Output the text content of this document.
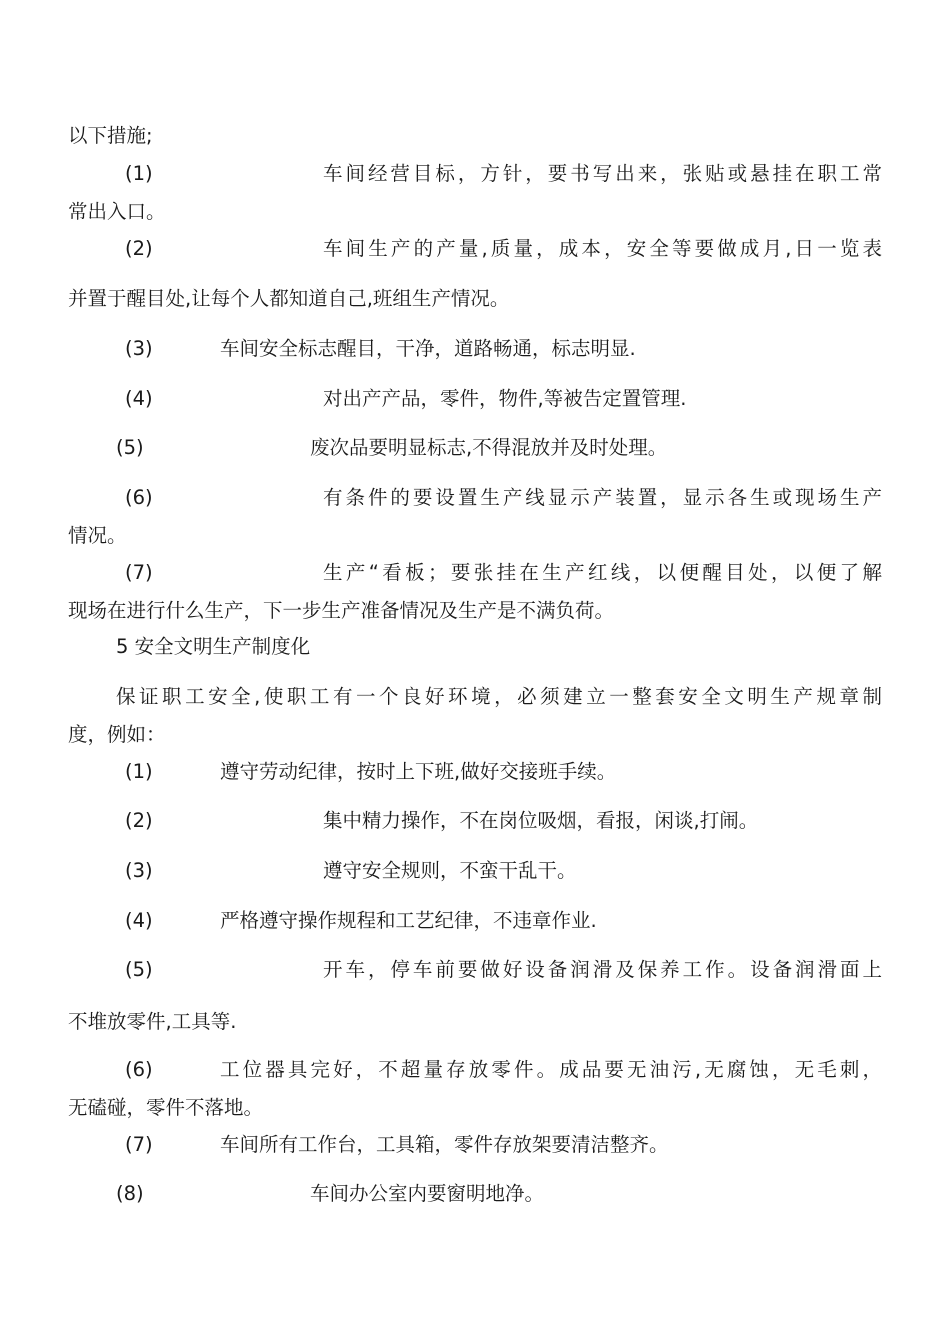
以下措施;
(1)	车间经营目标，方针，要书写出来，张贴或悬挂在职工常
常出入口。
(2)	车间生产的产量,质量，成本，安全等要做成月,日一览表
并置于醒目处,让每个人都知道自己,班组生产情况。
(3)	车间安全标志醒目，干净，道路畅通，标志明显.
(4)	对出产产品，零件，物件,等被告定置管理.
(5)	废次品要明显标志,不得混放并及时处理。
(6)	有条件的要设置生产线显示产装置，显示各生或现场生产
情况。
(7)	生产“看板；要张挂在生产红线，以便醒目处，以便了解
现场在进行什么生产，下一步生产准备情况及生产是不满负荷。
5 安全文明生产制度化
保证职工安全,使职工有一个良好环境，必须建立一整套安全文明生产规章制
度，例如：
(1)	遵守劳动纪律，按时上下班,做好交接班手续。
(2)	集中精力操作，不在岗位吸烟，看报，闲谈,打闹。
(3)	遵守安全规则，不蛮干乱干。
(4)	严格遵守操作规程和工艺纪律，不违章作业.
(5)	开车，停车前要做好设备润滑及保养工作。设备润滑面上
不堆放零件,工具等.
(6)	工位器具完好，不超量存放零件。成品要无油污,无腐蚀，无毛刺，
无磕碰，零件不落地。
(7)	车间所有工作台，工具箱，零件存放架要清洁整齐。
(8)	车间办公室内要窗明地净。
